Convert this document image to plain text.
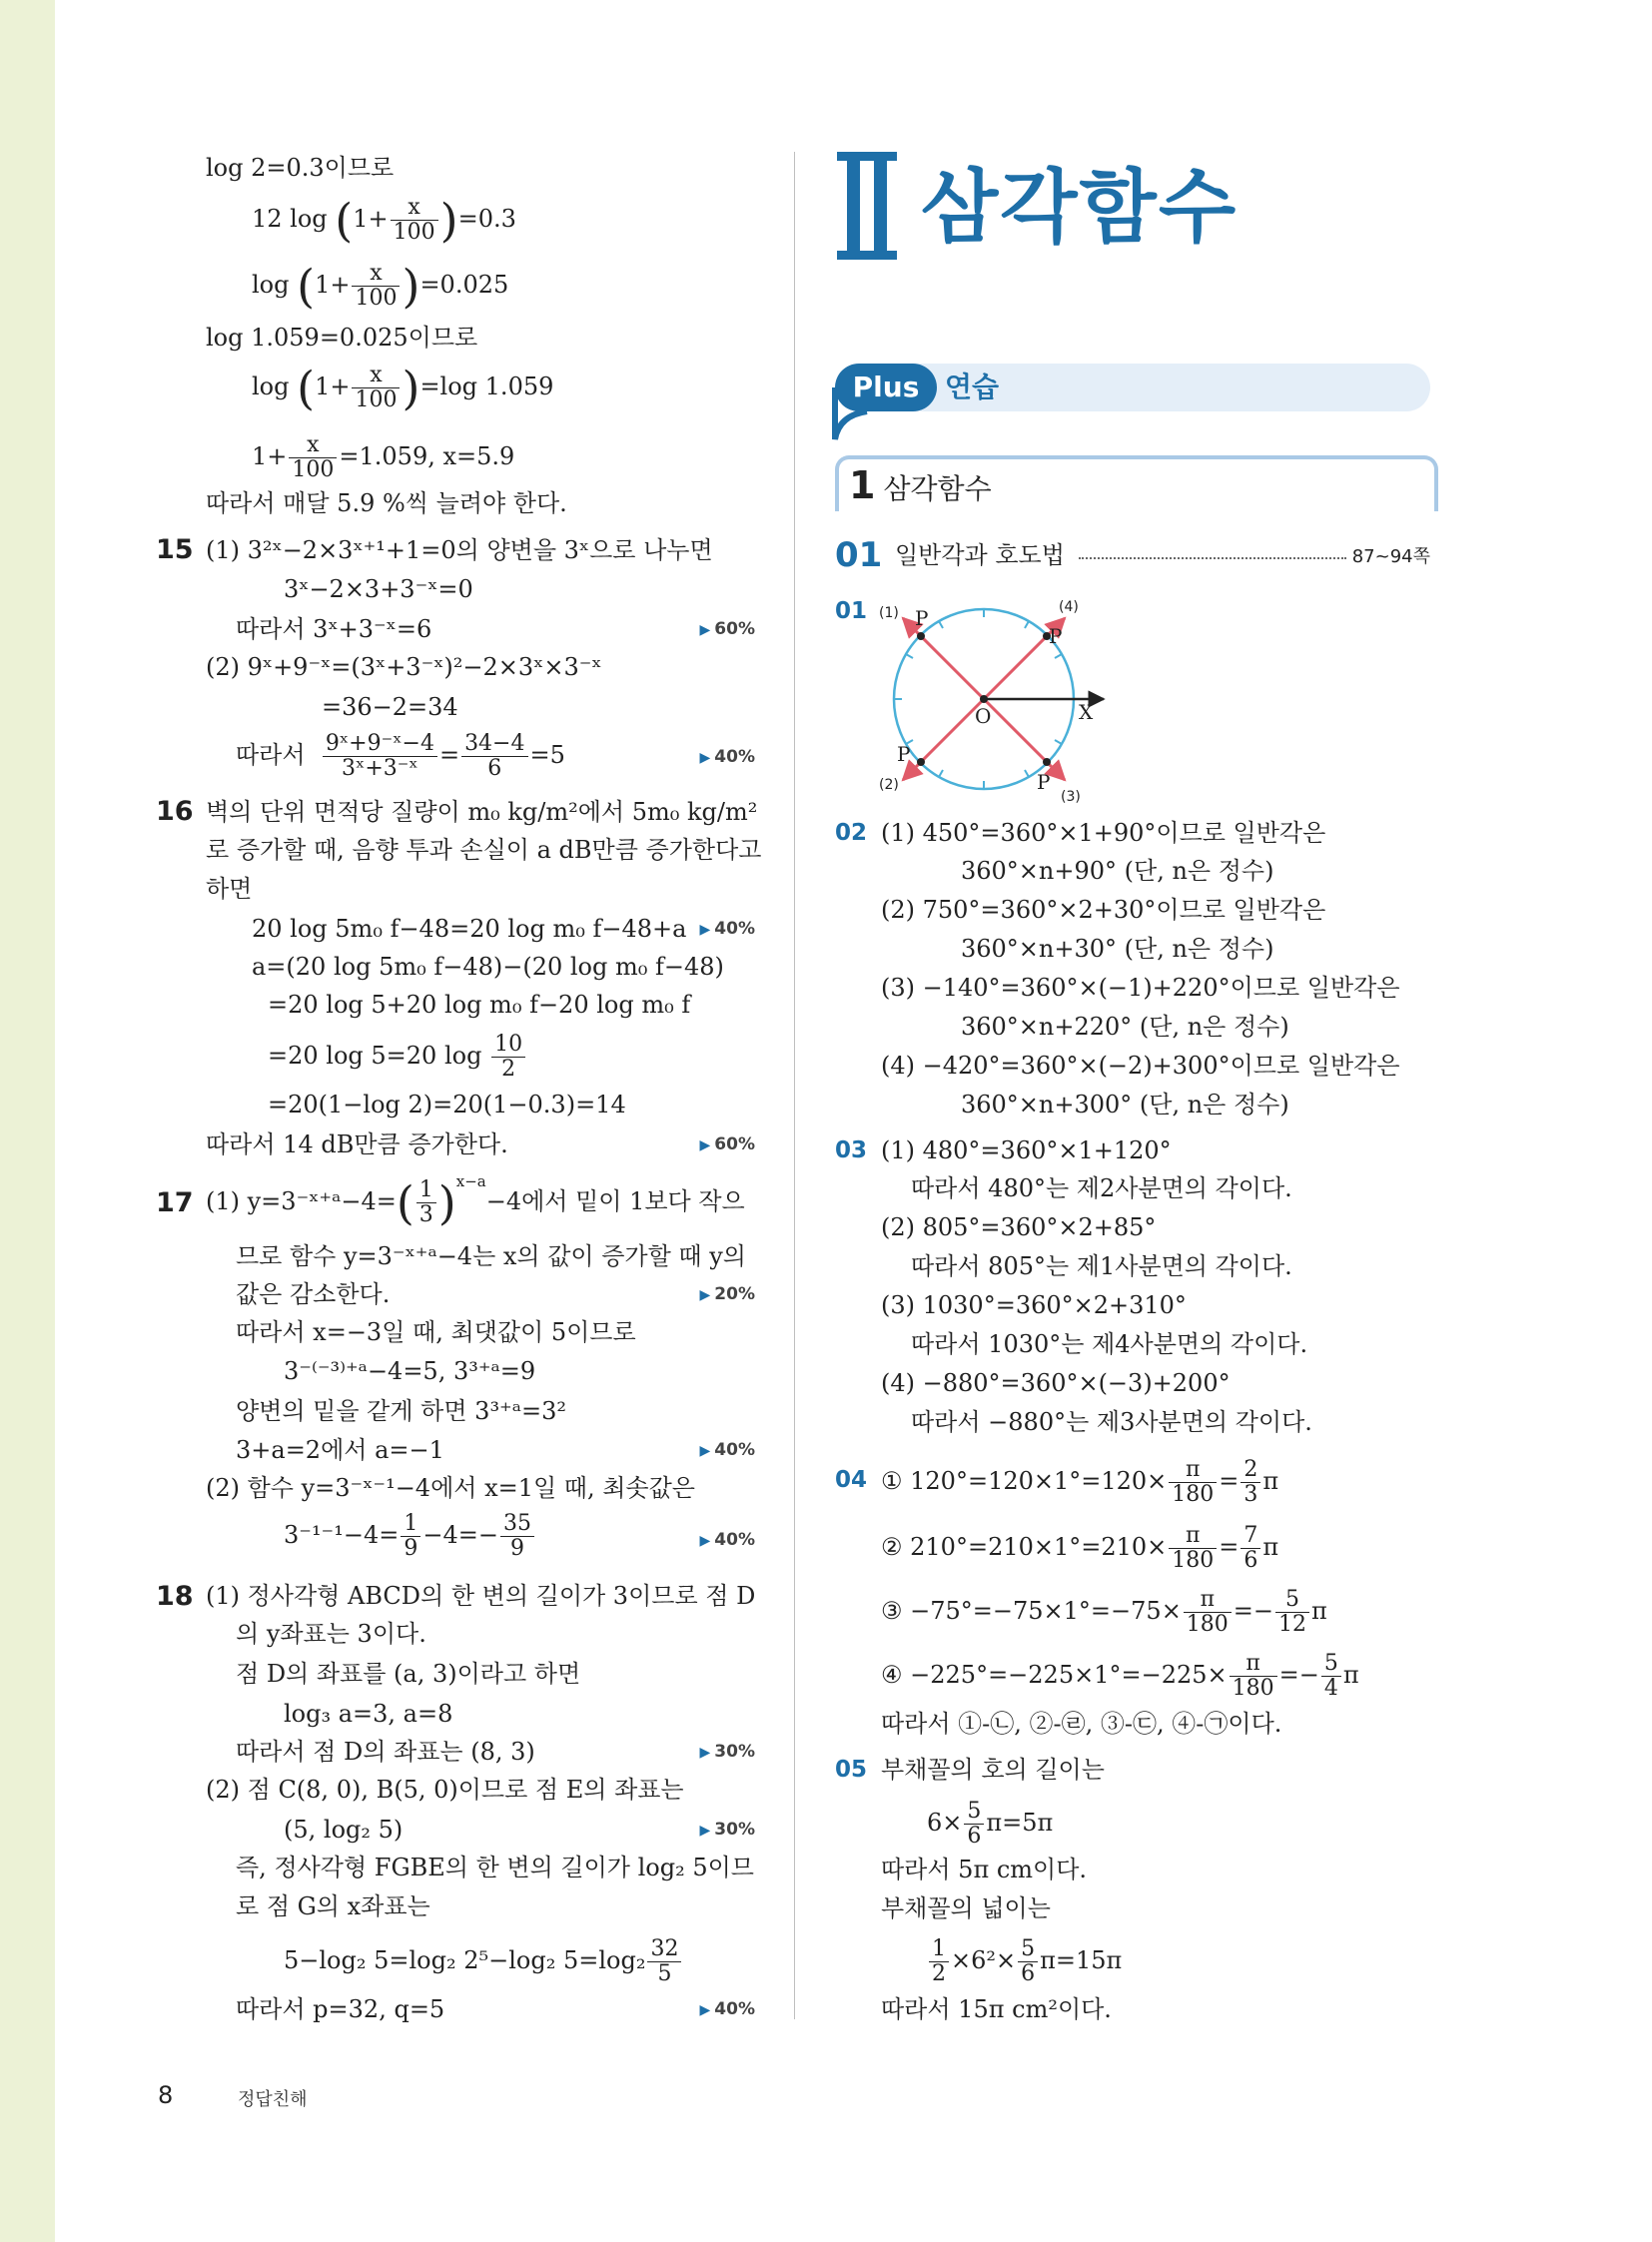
log 2=0.3이므로
12 $\log (1+ \frac{x}{100} )=0.3$
$\log (1+ \frac{x}{100} )=0.025$
log 1.059=0.025이므로
$\log (1+ \frac{x}{100} )=\log$ 1.059
$1+ \frac{x}{100} =1.059$, x=5.9
따라서 매달 5.9 %씩 늘려야 한다.
15 (1) 3²ˣ−2×3ˣ⁺¹+1=0의 양변을 3ˣ으로 나누면
3ˣ−2×3+3⁻ˣ=0
따라서 3ˣ+3⁻ˣ=6	▶ 60%
(2) 9ˣ+9⁻ˣ=(3ˣ+3⁻ˣ)²−2×3ˣ×3⁻ˣ
=36−2=34
따라서 $\frac{\text{9ˣ+9⁻ˣ−4}}{\text{3ˣ+3⁻ˣ}} = \frac{34-4}{6} =5$	▶ 40%
16 벽의 단위 면적당 질량이 m₀ kg/m²에서 5m₀ kg/m²
로 증가할 때, 음향 투과 손실이 a dB만큼 증가한다고
하면
20 log 5m₀ f−48=20 log m₀ f−48+a ▶ 40%
a=(20 log 5m₀ f−48)−(20 log m₀ f−48)
=20 log 5+20 log m₀ f−20 log m₀ f
=20 log 5=20 $\log \frac{10}{2}$
=20(1−log 2)=20(1−0.3)=14
따라서 14 dB만큼 증가한다.	▶ 60%
17 (1) y=3⁻ˣ⁺ᵃ−4=( $\frac{1}{3} )^{x-a}-4$에서 밑이 1보다 작으
므로 함수 y=3⁻ˣ⁺ᵃ−4는 x의 값이 증가할 때 y의
값은 감소한다.	▶ 20%
따라서 x=−3일 때, 최댓값이 5이므로
3⁻⁽⁻³⁾⁺ᵃ−4=5, 3³⁺ᵃ=9
양변의 밑을 같게 하면 3³⁺ᵃ=3²
3+a=2에서 a=−1	▶ 40%
(2) 함수 y=3⁻ˣ⁻¹−4에서 x=1일 때, 최솟값은
$3^{-1-1}-4= \frac{1}{9} -4=- \frac{35}{9}$	▶ 40%
18 (1) 정사각형 ABCD의 한 변의 길이가 3이므로 점 D
의 y좌표는 3이다.
점 D의 좌표를 (a, 3)이라고 하면
log₃ a=3, a=8
따라서 점 D의 좌표는 (8, 3)	▶ 30%
(2) 점 C(8, 0), B(5, 0)이므로 점 E의 좌표는
(5, log₂ 5)	▶ 30%
즉, 정사각형 FGBE의 한 변의 길이가 log₂ 5이므
로 점 G의 x좌표는
5−log₂ 5=log₂ 2⁵−log₂ $5=\log_2 \frac{32}{5}$
따라서 p=32, q=5	▶ 40%
삼각함수
Plus 연습
1 삼각함수
01 일반각과 호도법	87~94쪽
01 P
P
P
P
O	X
(1)
(2)
(3)
(4)
02 (1) 450°=360°×1+90°이므로 일반각은
360°×n+90° (단, n은 정수)
(2) 750°=360°×2+30°이므로 일반각은
360°×n+30° (단, n은 정수)
(3) −140°=360°×(−1)+220°이므로 일반각은
360°×n+220° (단, n은 정수)
(4) −420°=360°×(−2)+300°이므로 일반각은
360°×n+300° (단, n은 정수)
03 (1) 480°=360°×1+120°
따라서 480°는 제2사분면의 각이다.
(2) 805°=360°×2+85°
따라서 805°는 제1사분면의 각이다.
(3) 1030°=360°×2+310°
따라서 1030°는 제4사분면의 각이다.
(4) −880°=360°×(−3)+200°
따라서 −880°는 제3사분면의 각이다.
04 ① $120^\circ=120\times 1^\circ=120\times \frac{\pi}{180} = \frac{2}{3}$ π
② $210^\circ=210\times 1^\circ=210\times \frac{\pi}{180} = \frac{7}{6}$ π
③ $-75^\circ=-75\times 1^\circ=-75\times \frac{\pi}{180} =- \frac{5}{12}$ π
④ $-225^\circ=-225\times 1^\circ=-225\times \frac{\pi}{180} =- \frac{5}{4}$ π
따라서 ①-㉡, ②-㉣, ③-㉢, ④-㉠이다.
05 부채꼴의 호의 길이는
$6\times \frac{5}{6} \pi=5\pi$
따라서 5π cm이다.
부채꼴의 넓이는
$\frac{1}{2} \times 6^2\times \frac{5}{6} \pi=15\pi$
따라서 15π cm²이다.
8	정답친해
